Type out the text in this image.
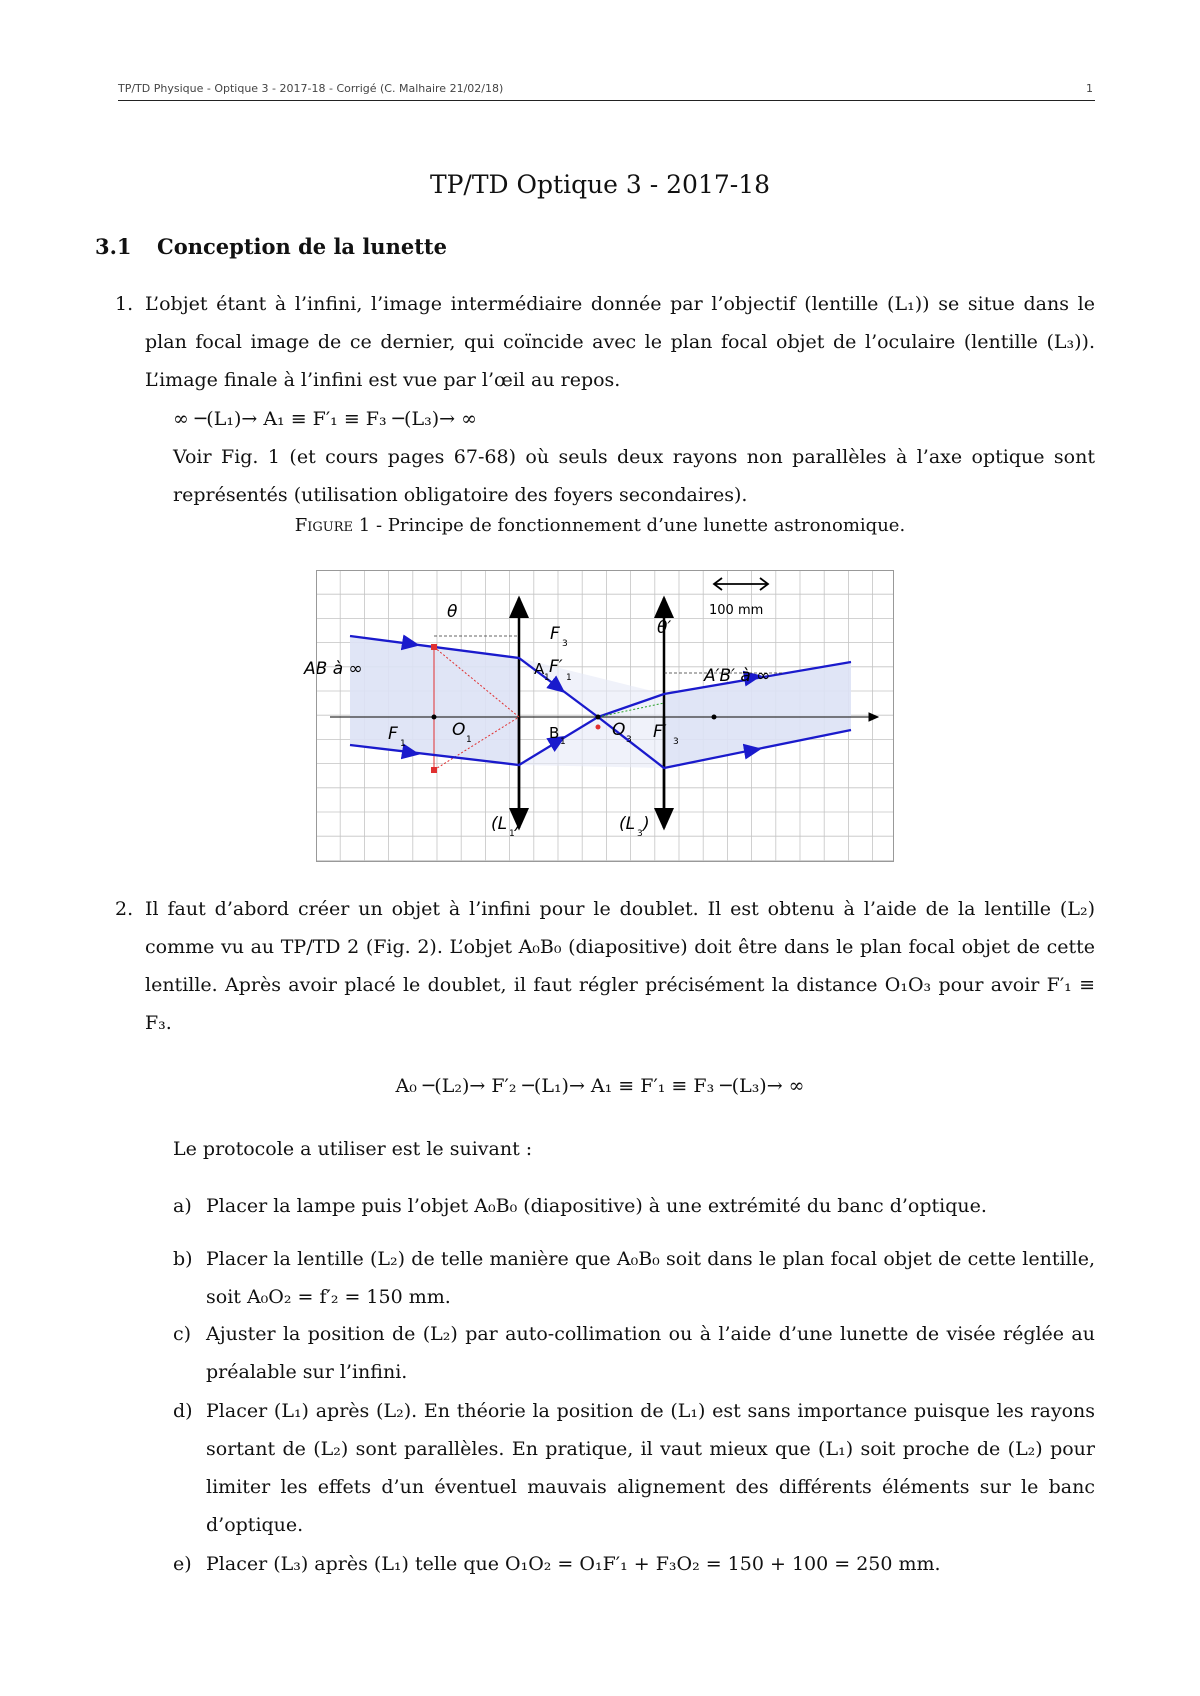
TP/TD Physique - Optique 3 - 2017-18 - Corrigé (C. Malhaire 21/02/18)	1
TP/TD Optique 3 - 2017-18
3.1 Conception de la lunette
1. L’objet étant à l’infini, l’image intermédiaire donnée par l’objectif (lentille (L₁)) se situe dans le plan focal image de ce dernier, qui coïncide avec le plan focal objet de l’oculaire (lentille (L₃)). L’image finale à l’infini est vue par l’œil au repos.
∞ ─(L₁)→ A₁ ≡ F′₁ ≡ F₃ ─(L₃)→ ∞
Voir Fig. 1 (et cours pages 67-68) où seuls deux rayons non parallèles à l’axe optique sont représentés (utilisation obligatoire des foyers secondaires).
Figure 1 - Principe de fonctionnement d’une lunette astronomique.
100 mm
θ
θ′
AB à ∞	A′B′ à ∞
F 3
A 1
F′
1
B 1
F 1
O 1	O 3 F′ 3
(L 1 )	(L 3 )
2. Il faut d’abord créer un objet à l’infini pour le doublet. Il est obtenu à l’aide de la lentille (L₂) comme vu au TP/TD 2 (Fig. 2). L’objet A₀B₀ (diapositive) doit être dans le plan focal objet de cette lentille. Après avoir placé le doublet, il faut régler précisément la distance O₁O₃ pour avoir F′₁ ≡ F₃.
A₀ ─(L₂)→ F′₂ ─(L₁)→ A₁ ≡ F′₁ ≡ F₃ ─(L₃)→ ∞
Le protocole a utiliser est le suivant :
a) Placer la lampe puis l’objet A₀B₀ (diapositive) à une extrémité du banc d’optique.
b) Placer la lentille (L₂) de telle manière que A₀B₀ soit dans le plan focal objet de cette lentille, soit A₀O₂ = f′₂ = 150 mm.
c) Ajuster la position de (L₂) par auto-collimation ou à l’aide d’une lunette de visée réglée au préalable sur l’infini.
d) Placer (L₁) après (L₂). En théorie la position de (L₁) est sans importance puisque les rayons sortant de (L₂) sont parallèles. En pratique, il vaut mieux que (L₁) soit proche de (L₂) pour limiter les effets d’un éventuel mauvais alignement des différents éléments sur le banc d’optique.
e) Placer (L₃) après (L₁) telle que O₁O₂ = O₁F′₁ + F₃O₂ = 150 + 100 = 250 mm.
